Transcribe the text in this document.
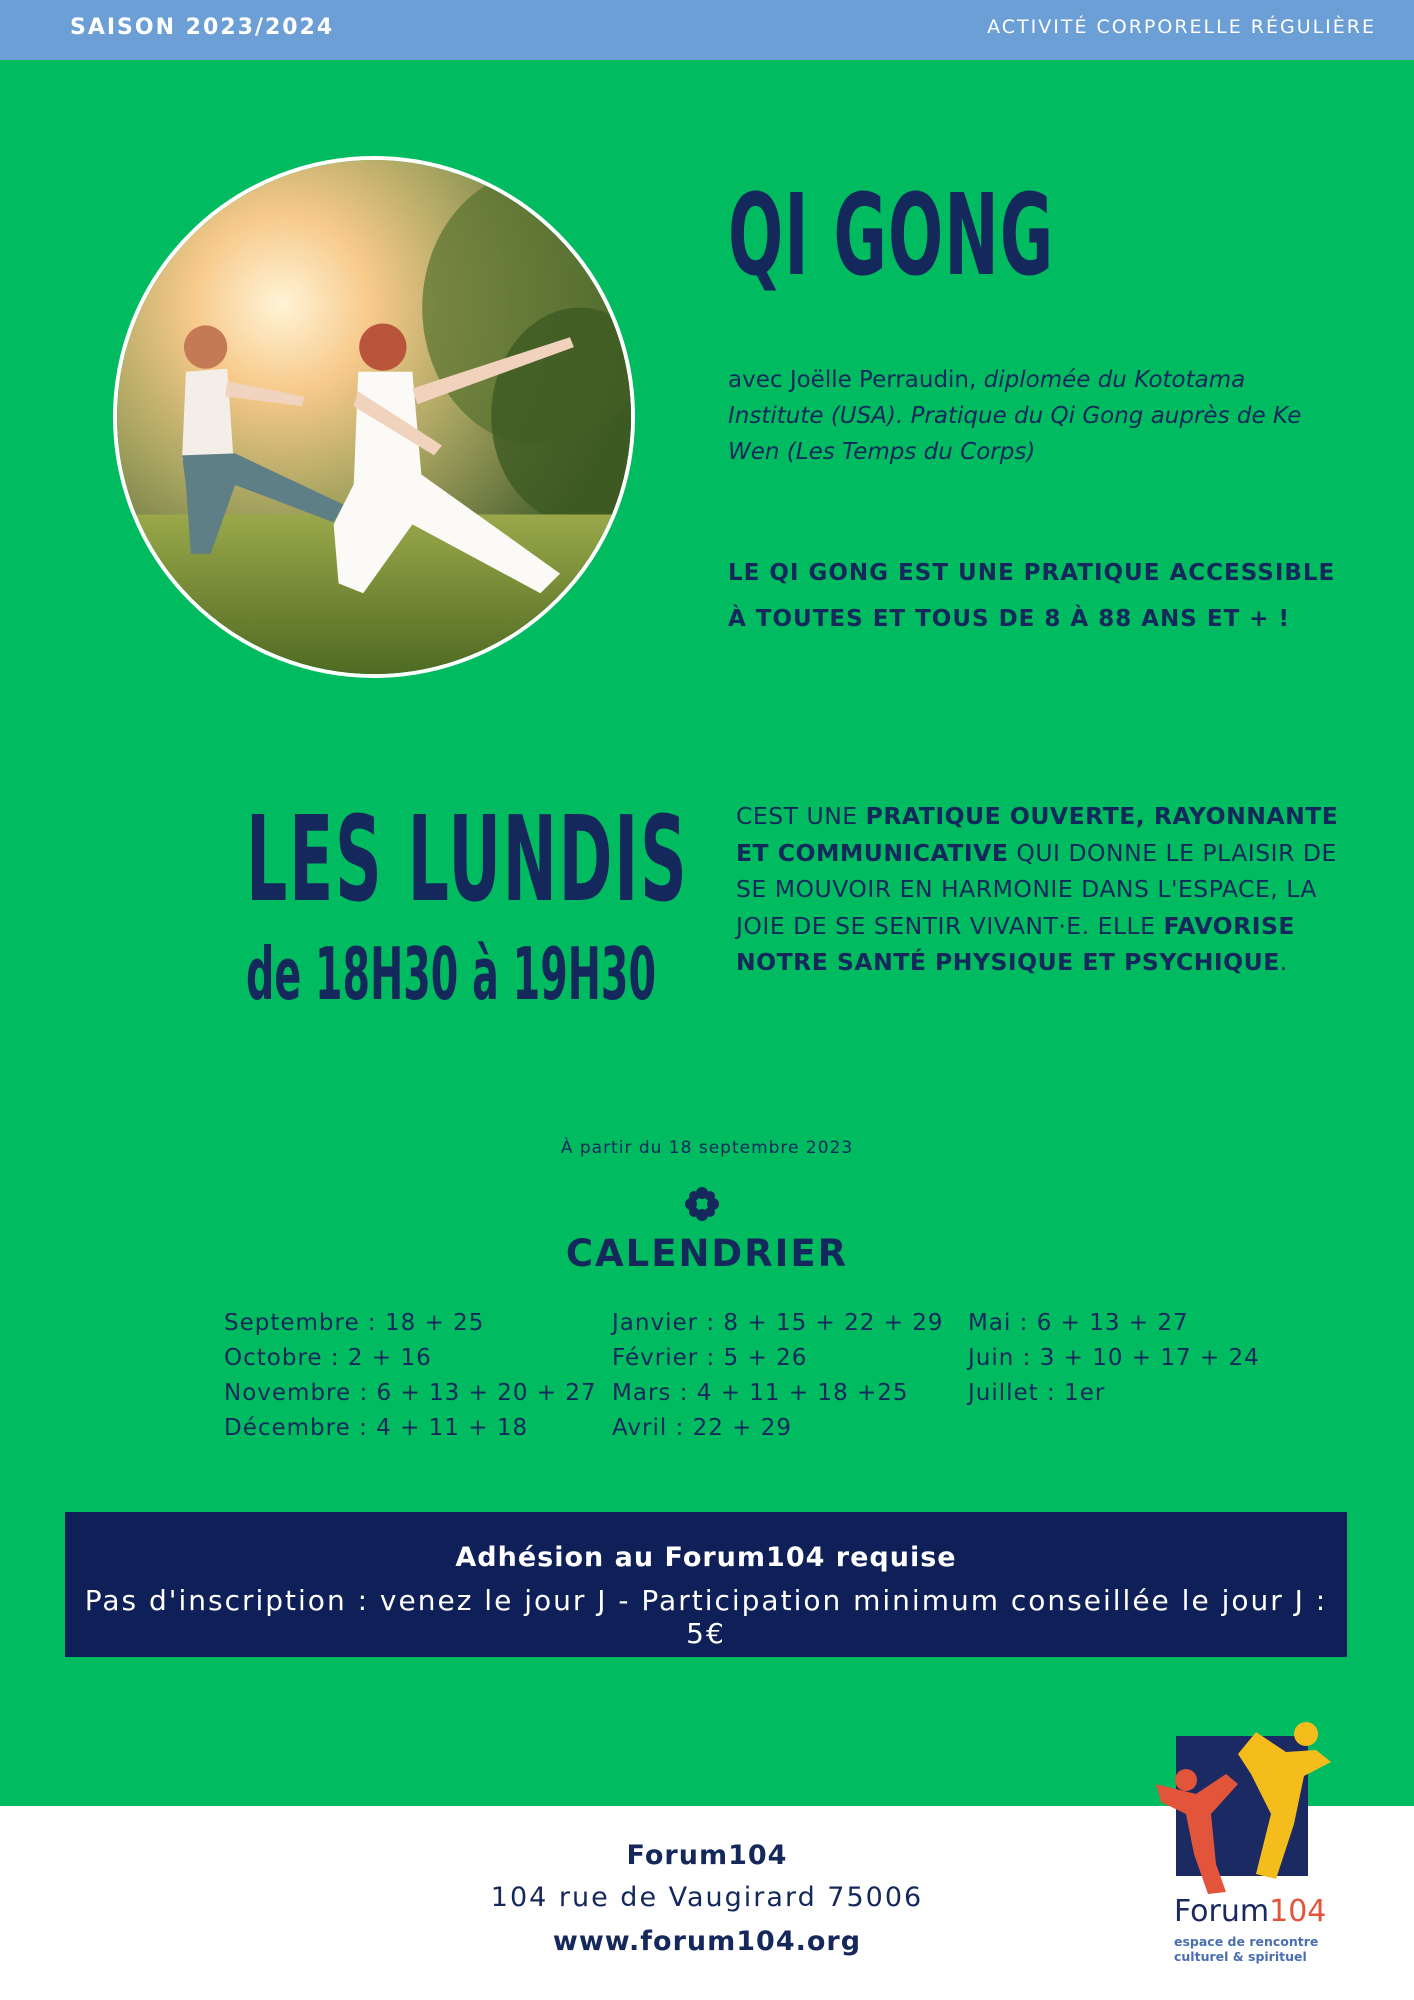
SAISON 2023/2024	ACTIVITÉ CORPORELLE RÉGULIÈRE
QI GONG
avec Joëlle Perraudin, diplomée du Kototama Institute (USA). Pratique du Qi Gong auprès de Ke Wen (Les Temps du Corps)
LE QI GONG EST UNE PRATIQUE ACCESSIBLE
À TOUTES ET TOUS DE 8 À 88 ANS ET + !
LES LUNDIS
de 18H30 à 19H30
CEST UNE PRATIQUE OUVERTE, RAYONNANTE ET COMMUNICATIVE QUI DONNE LE PLAISIR DE SE MOUVOIR EN HARMONIE DANS L'ESPACE, LA JOIE DE SE SENTIR VIVANT·E. ELLE FAVORISE NOTRE SANTÉ PHYSIQUE ET PSYCHIQUE.
À partir du 18 septembre 2023
CALENDRIER
Septembre : 18 + 25
Octobre : 2 + 16
Novembre : 6 + 13 + 20 + 27
Décembre : 4 + 11 + 18
Janvier : 8 + 15 + 22 + 29
Février : 5 + 26
Mars : 4 + 11 + 18 +25
Avril : 22 + 29
Mai : 6 + 13 + 27
Juin : 3 + 10 + 17 + 24
Juillet : 1er
Adhésion au Forum104 requise
Pas d'inscription : venez le jour J - Participation minimum conseillée le jour J : 5€
Forum104
104 rue de Vaugirard 75006
www.forum104.org
Forum104
espace de rencontre culturel & spirituel
